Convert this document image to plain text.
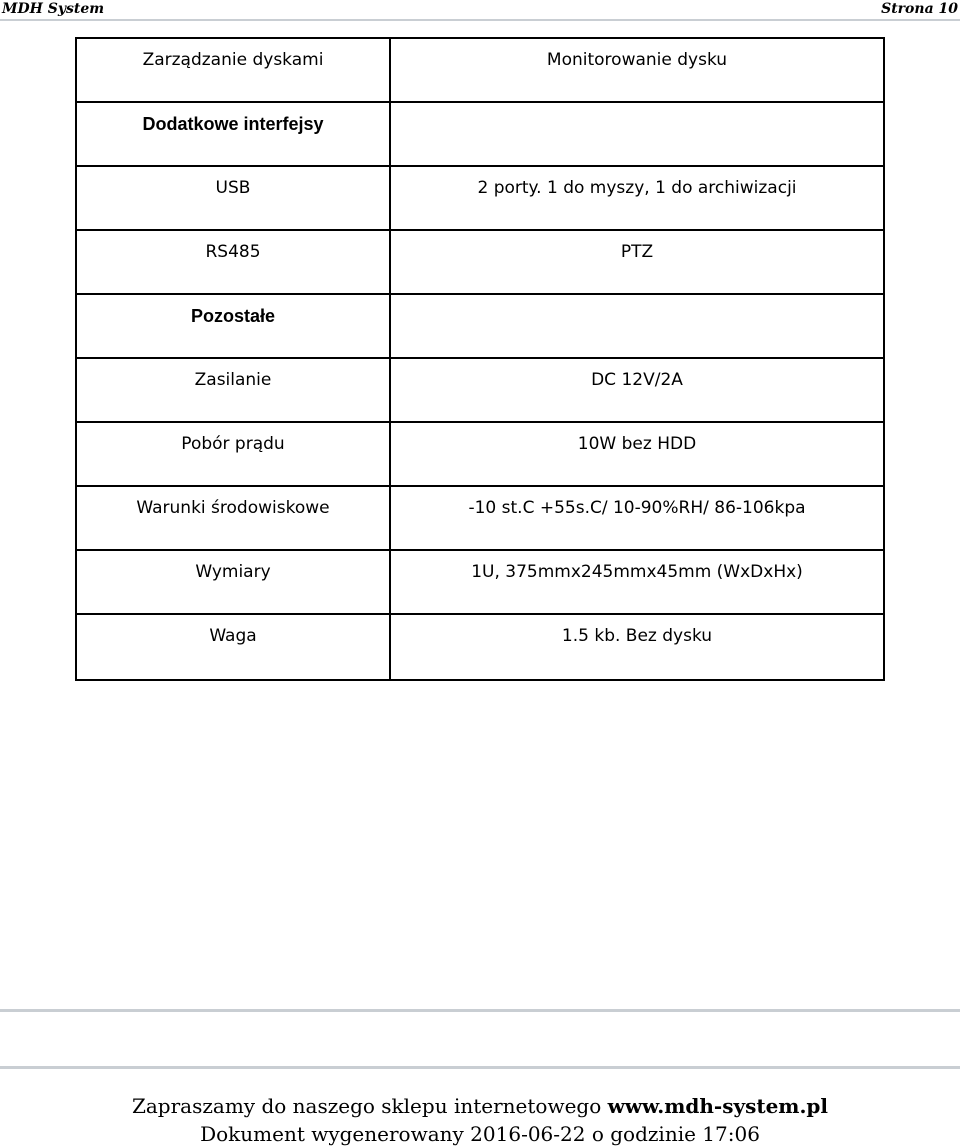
MDH System	Strona 10
Zarządzanie dyskami	Monitorowanie dysku

Dodatkowe interfejsy	

USB	2 porty. 1 do myszy, 1 do archiwizacji

RS485	PTZ

Pozostałe	

Zasilanie	DC 12V/2A

Pobór prądu	10W bez HDD

Warunki środowiskowe	-10 st.C +55s.C/ 10-90%RH/ 86-106kpa

Wymiary	1U, 375mmx245mmx45mm (WxDxHx)

Waga	1.5 kb. Bez dysku
Zapraszamy do naszego sklepu internetowego www.mdh-system.pl
Dokument wygenerowany 2016-06-22 o godzinie 17:06
